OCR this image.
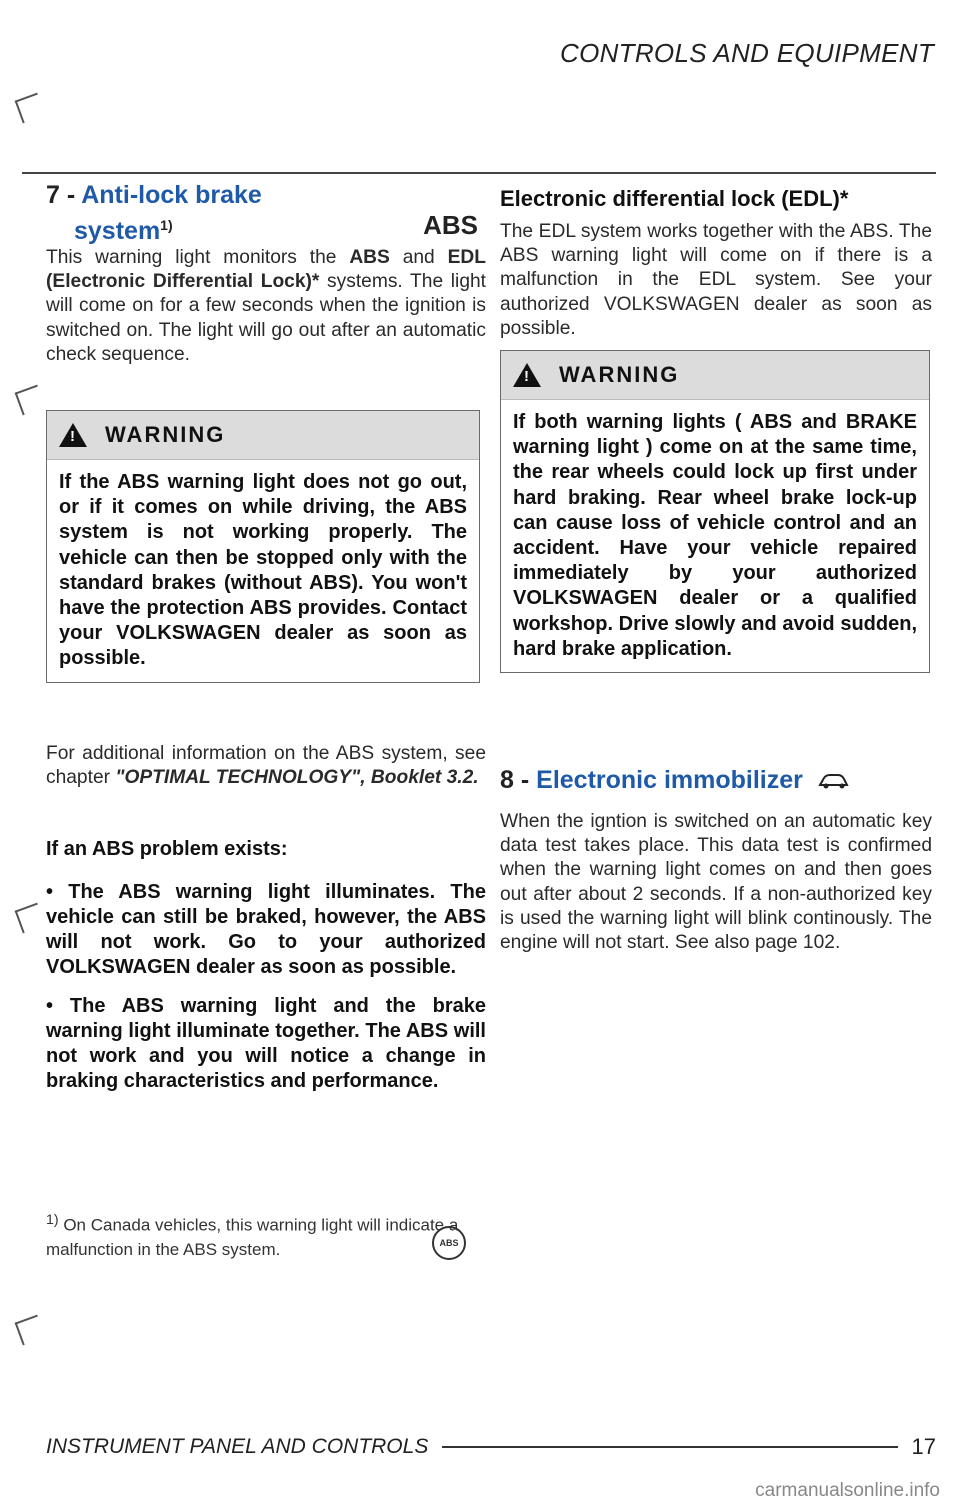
CONTROLS AND EQUIPMENT
7 - Anti-lock brake
system$^{1)}$	ABS

This warning light monitors the ABS and EDL (Electronic Differential Lock)* systems. The light will come on for a few seconds when the ignition is switched on. The light will go out after an automatic check sequence.

!
WARNING
If the ABS warning light does not go out, or if it comes on while driving, the ABS system is not working properly. The vehicle can then be stopped only with the standard brakes (without ABS). You won't have the protection ABS provides. Contact your VOLKSWAGEN dealer as soon as possible.

For additional information on the ABS system, see chapter "OPTIMAL TECHNOLOGY", Booklet 3.2.

If an ABS problem exists:

• The ABS warning light illuminates. The vehicle can still be braked, however, the ABS will not work. Go to your authorized VOLKSWAGEN dealer as soon as possible.

• The ABS warning light and the brake warning light illuminate together. The ABS will not work and you will notice a change in braking characteristics and performance.

$^{1)}$ On Canada vehicles, this warning light will indicate a malfunction in the ABS system.	ABS
Electronic differential lock (EDL)*

The EDL system works together with the ABS. The ABS warning light will come on if there is a malfunction in the EDL system. See your authorized VOLKSWAGEN dealer as soon as possible.

!
WARNING
If both warning lights ( ABS and BRAKE warning light ) come on at the same time, the rear wheels could lock up first under hard braking. Rear wheel brake lock-up can cause loss of vehicle control and an accident. Have your vehicle repaired immediately by your authorized VOLKSWAGEN dealer or a qualified workshop. Drive slowly and avoid sudden, hard brake application.
8 - Electronic immobilizer

When the igntion is switched on an automatic key data test takes place. This data test is confirmed when the warning light comes on and then goes out after about 2 seconds. If a non-authorized key is used the warning light will blink continously. The engine will not start. See also page 102.

INSTRUMENT PANEL AND CONTROLS	17
carmanualsonline.info
